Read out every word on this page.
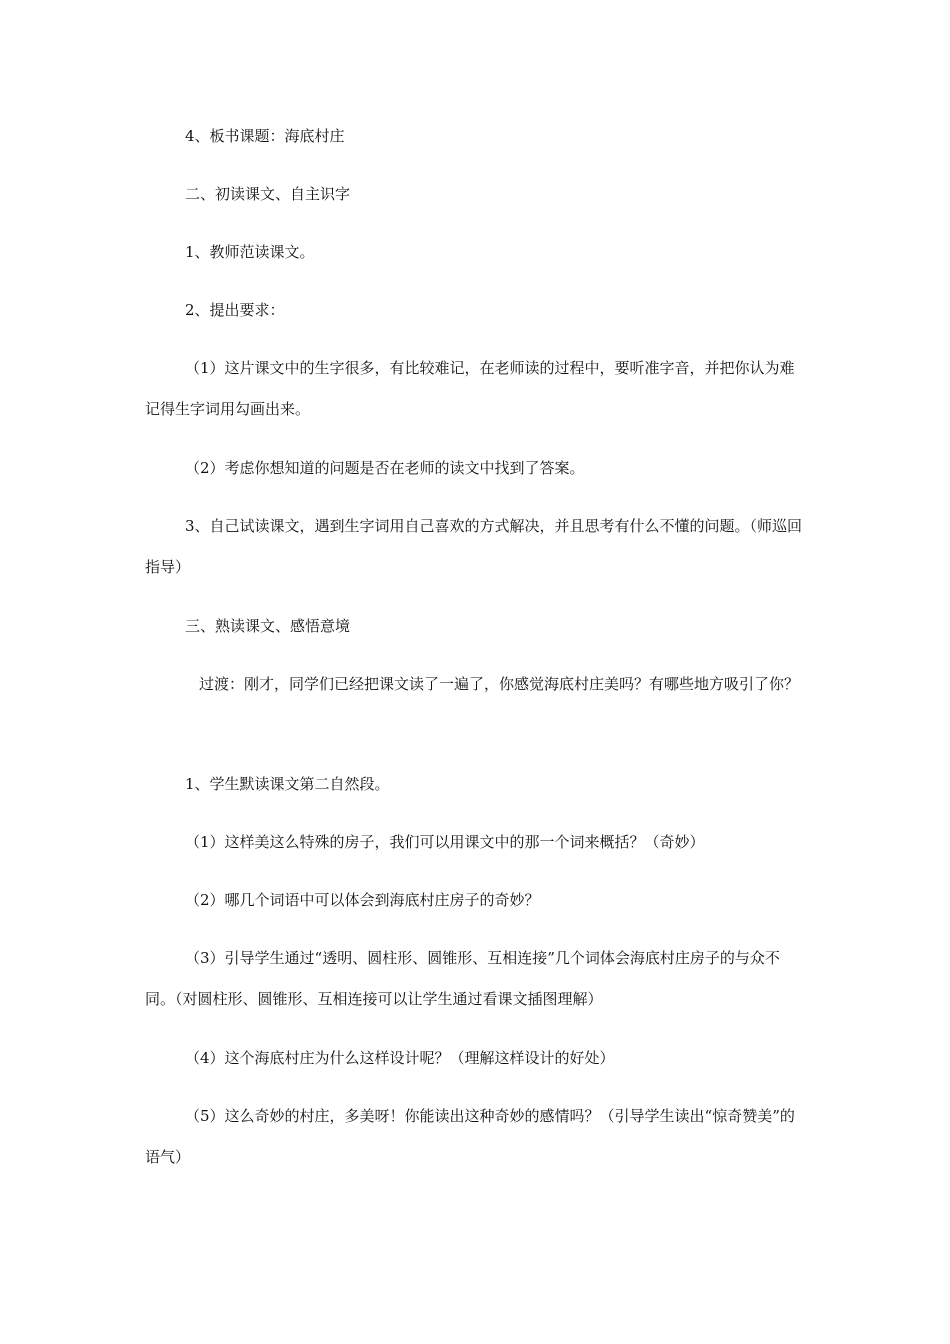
4、板书课题：海底村庄

二、初读课文、自主识字

1、教师范读课文。

2、提出要求：

（1）这片课文中的生字很多，有比较难记，在老师读的过程中，要听准字音，并把你认为难记得生字词用勾画出来。

（2）考虑你想知道的问题是否在老师的读文中找到了答案。

3、自己试读课文，遇到生字词用自己喜欢的方式解决，并且思考有什么不懂的问题。（师巡回指导）

三、熟读课文、感悟意境

过渡：刚才，同学们已经把课文读了一遍了，你感觉海底村庄美吗？有哪些地方吸引了你？

1、学生默读课文第二自然段。

（1）这样美这么特殊的房子，我们可以用课文中的那一个词来概括？（奇妙）

（2）哪几个词语中可以体会到海底村庄房子的奇妙？

（3）引导学生通过“透明、圆柱形、圆锥形、互相连接”几个词体会海底村庄房子的与众不同。（对圆柱形、圆锥形、互相连接可以让学生通过看课文插图理解）

（4）这个海底村庄为什么这样设计呢？（理解这样设计的好处）

（5）这么奇妙的村庄，多美呀！你能读出这种奇妙的感情吗？（引导学生读出“惊奇赞美”的语气）
